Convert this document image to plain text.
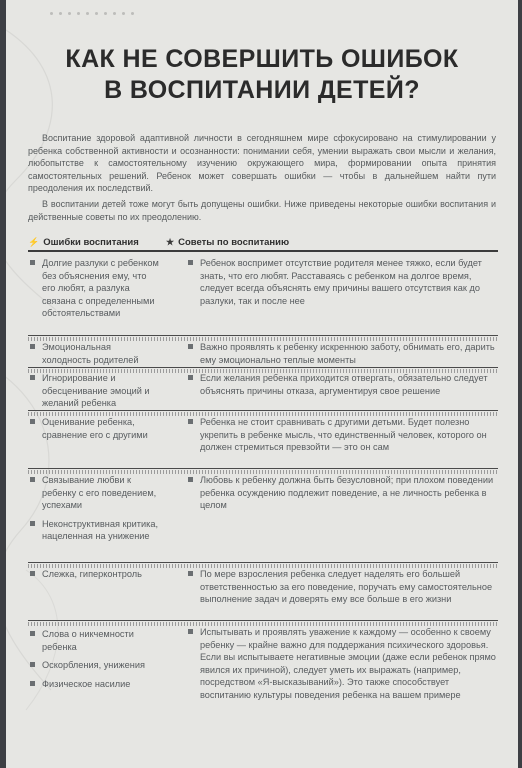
КАК НЕ СОВЕРШИТЬ ОШИБОК
В ВОСПИТАНИИ ДЕТЕЙ?
Воспитание здоровой адаптивной личности в сегодняшнем мире сфокусировано на стимулировании у ребенка собственной активности и осознанности: понимании себя, умении выражать свои мысли и желания, любопытстве к самостоятельному изучению окружающего мира, формировании опыта принятия самостоятельных решений. Ребенок может совершать ошибки — чтобы в дальнейшем найти пути преодоления их последствий.
В воспитании детей тоже могут быть допущены ошибки. Ниже приведены некоторые ошибки воспитания и действенные советы по их преодолению.
⚡ Ошибки воспитания	★ Советы по воспитанию
Долгие разлуки с ребенком без объяснения ему, что его любят, а разлука связана с определенными обстоятельствами
Ребенок воспримет отсутствие родителя менее тяжко, если будет знать, что его любят. Расставаясь с ребенком на долгое время, следует всегда объяснять ему причины вашего отсутствия как до разлуки, так и после нее
Эмоциональная холодность родителей
Важно проявлять к ребенку искреннюю заботу, обнимать его, дарить ему эмоционально теплые моменты
Игнорирование и обесценивание эмоций и желаний ребенка
Если желания ребенка приходится отвергать, обязательно следует объяснять причины отказа, аргументируя свое решение
Оценивание ребенка, сравнение его с другими
Ребенка не стоит сравнивать с другими детьми. Будет полезно укрепить в ребенке мысль, что единственный человек, которого он должен стремиться превзойти — это он сам
Связывание любви к ребенку с его поведением, успехами
Неконструктивная критика, нацеленная на унижение
Любовь к ребенку должна быть безусловной; при плохом поведении ребенка осуждению подлежит поведение, а не личность ребенка в целом
Слежка, гиперконтроль	По мере взросления ребенка следует наделять его большей ответственностью за его поведение, поручать ему самостоятельное выполнение задач и доверять ему все больше в его жизни
Слова о никчемности ребенка
Оскорбления, унижения
Физическое насилие
Испытывать и проявлять уважение к каждому — особенно к своему ребенку — крайне важно для поддержания психического здоровья. Если вы испытываете негативные эмоции (даже если ребенок прямо явился их причиной), следует уметь их выражать (например, посредством «Я-высказываний»). Это также способствует воспитанию культуры поведения ребенка на вашем примере
